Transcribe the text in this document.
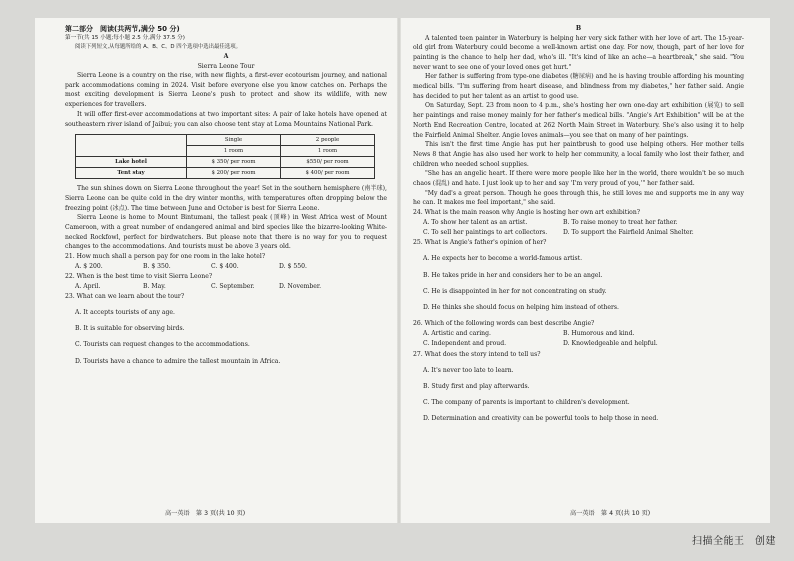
第二部分　阅读(共两节,满分 50 分)

第一节(共 15 小题;每小题 2.5 分,满分 37.5 分)

阅读下列短文,从每题所给的 A、B、C、D 四个选项中选出最佳选项。

A

Sierra Leone Tour

Sierra Leone is a country on the rise, with new flights, a first-ever ecotourism journey, and national park accommodations coming in 2024. Visit before everyone else you know catches on. Perhaps the most exciting development is Sierra Leone's push to protect and show its wildlife, with new experiences for travellers.

It will offer first-ever accommodations at two important sites: A pair of lake hotels have opened at southeastern river island of Jaibui; you can also choose tent stay at Loma Mountains National Park.

	Single	2 people
	1 room	1 room
Lake hotel	$ 350/ per room	$550/ per room
Tent stay	$ 200/ per room	$ 400/ per room

The sun shines down on Sierra Leone throughout the year! Set in the southern hemisphere (南半球), Sierra Leone can be quite cold in the dry winter months, with temperatures often dropping below the freezing point (冰点). The time between June and October is best for Sierra Leone.

Sierra Leone is home to Mount Bintumani, the tallest peak (顶峰) in West Africa west of Mount Cameroon, with a great number of endangered animal and bird species like the bizarre-looking White-necked Rockfowl, perfect for birdwatchers. But please note that there is no way for you to request changes to the accommodations. And tourists must be above 3 years old.

21. How much shall a person pay for one room in the lake hotel?

A. $ 200.	B. $ 350.	C. $ 400.	D. $ 550.

22. When is the best time to visit Sierra Leone?

A. April.	B. May.	C. September.	D. November.

23. What can we learn about the tour?

A. It accepts tourists of any age.

B. It is suitable for observing birds.

C. Tourists can request changes to the accommodations.

D. Tourists have a chance to admire the tallest mountain in Africa.

B

A talented teen painter in Waterbury is helping her very sick father with her love of art. The 15-year-old girl from Waterbury could become a well-known artist one day. For now, though, part of her love for painting is the chance to help her dad, who's ill. "It's kind of like an ache—a heartbreak," she said. "You never want to see one of your loved ones get hurt."

Her father is suffering from type-one diabetes (糖尿病) and he is having trouble affording his mounting medical bills. "I'm suffering from heart disease, and blindness from my diabetes," her father said. Angie has decided to put her talent as an artist to good use.

On Saturday, Sept. 23 from noon to 4 p.m., she's hosting her own one-day art exhibition (展览) to sell her paintings and raise money mainly for her father's medical bills. "Angie's Art Exhibition" will be at the North End Recreation Centre, located at 262 North Main Street in Waterbury. She's also using it to help the Fairfield Animal Shelter. Angie loves animals—you see that on many of her paintings.

This isn't the first time Angie has put her paintbrush to good use helping others. Her mother tells News 8 that Angie has also used her work to help her community, a local family who lost their father, and children who needed school supplies.

"She has an angelic heart. If there were more people like her in the world, there wouldn't be so much chaos (混乱) and hate. I just look up to her and say 'I'm very proud of you,'" her father said.

"My dad's a great person. Though he goes through this, he still loves me and supports me in any way he can. It makes me feel important," she said.

24. What is the main reason why Angie is hosting her own art exhibition?

A. To show her talent as an artist.	B. To raise money to treat her father.
C. To sell her paintings to art collectors.	D. To support the Fairfield Animal Shelter.

25. What is Angie's father's opinion of her?

A. He expects her to become a world-famous artist.

B. He takes pride in her and considers her to be an angel.

C. He is disappointed in her for not concentrating on study.

D. He thinks she should focus on helping him instead of others.

26. Which of the following words can best describe Angie?

A. Artistic and caring.	B. Humorous and kind.
C. Independent and proud.	D. Knowledgeable and helpful.

27. What does the story intend to tell us?

A. It's never too late to learn.

B. Study first and play afterwards.

C. The company of parents is important to children's development.

D. Determination and creativity can be powerful tools to help those in need.

高一英语　第 3 页(共 10 页)	高一英语　第 4 页(共 10 页)
扫描全能王　创建
